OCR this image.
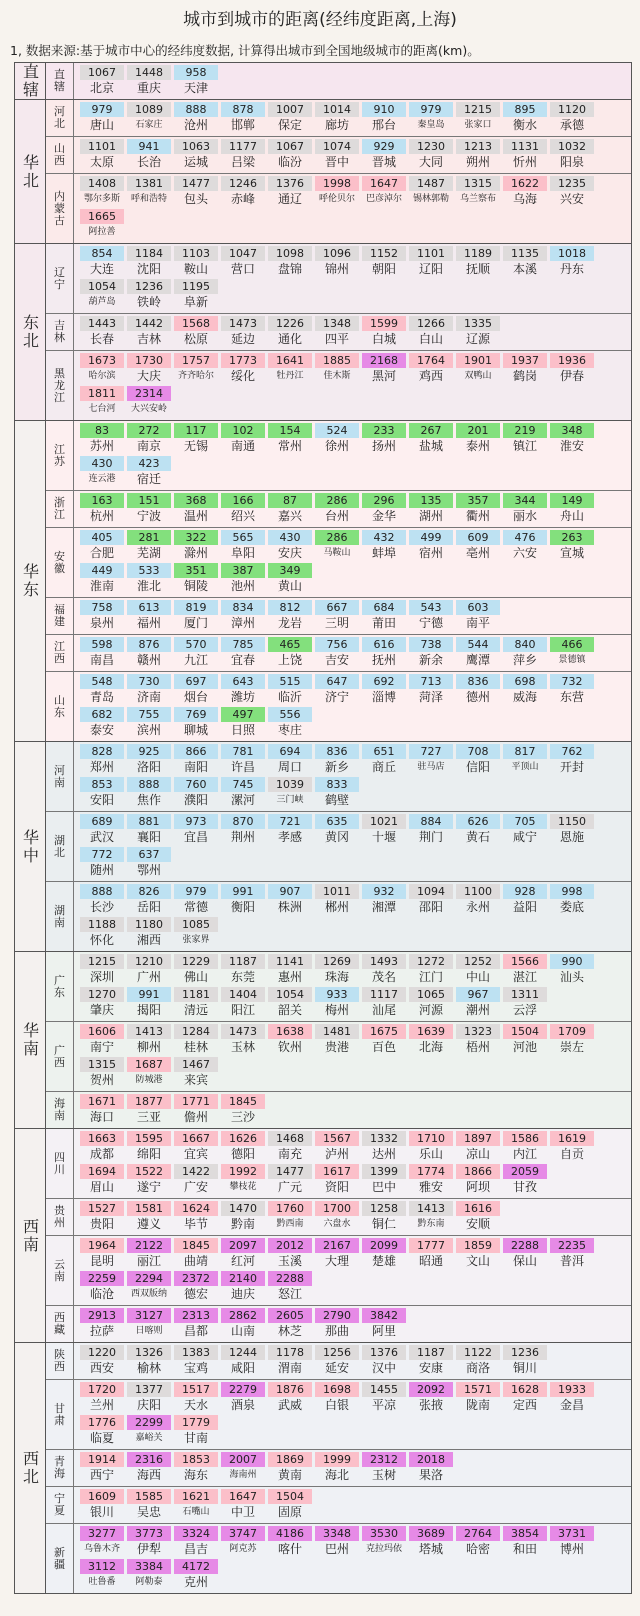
城市到城市的距离(经纬度距离,上海)
1, 数据来源:基于城市中心的经纬度数据, 计算得出城市到全国地级城市的距离(km)。
直辖	直辖
1067
北京
1448
重庆
958
天津
华北
河北
979
唐山
1089
石家庄
888
沧州
878
邯郸
1007
保定
1014
廊坊
910
邢台
979
秦皇岛
1215
张家口
895
衡水
1120
承德
山西
1101
太原
941
长治
1063
运城
1177
吕梁
1067
临汾
1074
晋中
929
晋城
1230
大同
1213
朔州
1131
忻州
1032
阳泉
内蒙古
1408
鄂尔多斯
1381
呼和浩特
1477
包头
1246
赤峰
1376
通辽
1998
呼伦贝尔
1647
巴彦淖尔
1487
锡林郭勒
1315
乌兰察布
1622
乌海
1235
兴安
1665
阿拉善
东北
辽宁
854
大连
1184
沈阳
1103
鞍山
1047
营口
1098
盘锦
1096
锦州
1152
朝阳
1101
辽阳
1189
抚顺
1135
本溪
1018
丹东
1054
葫芦岛
1236
铁岭
1195
阜新
吉林
1443
长春
1442
吉林
1568
松原
1473
延边
1226
通化
1348
四平
1599
白城
1266
白山
1335
辽源
黑龙江
1673
哈尔滨
1730
大庆
1757
齐齐哈尔
1773
绥化
1641
牡丹江
1885
佳木斯
2168
黑河
1764
鸡西
1901
双鸭山
1937
鹤岗
1936
伊春
1811
七台河
2314
大兴安岭
华东
江苏
83
苏州
272
南京
117
无锡
102
南通
154
常州
524
徐州
233
扬州
267
盐城
201
泰州
219
镇江
348
淮安
430
连云港
423
宿迁
浙江
163
杭州
151
宁波
368
温州
166
绍兴
87
嘉兴
286
台州
296
金华
135
湖州
357
衢州
344
丽水
149
舟山
安徽
405
合肥
281
芜湖
322
滁州
565
阜阳
430
安庆
286
马鞍山
432
蚌埠
499
宿州
609
亳州
476
六安
263
宣城
449
淮南
533
淮北
351
铜陵
387
池州
349
黄山
福建
758
泉州
613
福州
819
厦门
834
漳州
812
龙岩
667
三明
684
莆田
543
宁德
603
南平
江西
598
南昌
876
赣州
570
九江
785
宜春
465
上饶
756
吉安
616
抚州
738
新余
544
鹰潭
840
萍乡
466
景德镇
山东
548
青岛
730
济南
697
烟台
643
潍坊
515
临沂
647
济宁
692
淄博
713
菏泽
836
德州
698
威海
732
东营
682
泰安
755
滨州
769
聊城
497
日照
556
枣庄
华中
河南
828
郑州
925
洛阳
866
南阳
781
许昌
694
周口
836
新乡
651
商丘
727
驻马店
708
信阳
817
平顶山
762
开封
853
安阳
888
焦作
760
濮阳
745
漯河
1039
三门峡
833
鹤壁
湖北
689
武汉
881
襄阳
973
宜昌
870
荆州
721
孝感
635
黄冈
1021
十堰
884
荆门
626
黄石
705
咸宁
1150
恩施
772
随州
637
鄂州
湖南
888
长沙
826
岳阳
979
常德
991
衡阳
907
株洲
1011
郴州
932
湘潭
1094
邵阳
1100
永州
928
益阳
998
娄底
1188
怀化
1180
湘西
1085
张家界
华南
广东
1215
深圳
1210
广州
1229
佛山
1187
东莞
1141
惠州
1269
珠海
1493
茂名
1272
江门
1252
中山
1566
湛江
990
汕头
1270
肇庆
991
揭阳
1181
清远
1404
阳江
1054
韶关
933
梅州
1117
汕尾
1065
河源
967
潮州
1311
云浮
广西
1606
南宁
1413
柳州
1284
桂林
1473
玉林
1638
钦州
1481
贵港
1675
百色
1639
北海
1323
梧州
1504
河池
1709
崇左
1315
贺州
1687
防城港
1467
来宾
海南
1671
海口
1877
三亚
1771
儋州
1845
三沙
西南
四川
1663
成都
1595
绵阳
1667
宜宾
1626
德阳
1468
南充
1567
泸州
1332
达州
1710
乐山
1897
凉山
1586
内江
1619
自贡
1694
眉山
1522
遂宁
1422
广安
1992
攀枝花
1477
广元
1617
资阳
1399
巴中
1774
雅安
1866
阿坝
2059
甘孜
贵州
1527
贵阳
1581
遵义
1624
毕节
1470
黔南
1760
黔西南
1700
六盘水
1258
铜仁
1413
黔东南
1616
安顺
云南
1964
昆明
2122
丽江
1845
曲靖
2097
红河
2012
玉溪
2167
大理
2099
楚雄
1777
昭通
1859
文山
2288
保山
2235
普洱
2259
临沧
2294
西双版纳
2372
德宏
2140
迪庆
2288
怒江
西藏
2913
拉萨
3127
日喀则
2313
昌都
2862
山南
2605
林芝
2790
那曲
3842
阿里
西北
陕西
1220
西安
1326
榆林
1383
宝鸡
1244
咸阳
1178
渭南
1256
延安
1376
汉中
1187
安康
1122
商洛
1236
铜川
甘肃
1720
兰州
1377
庆阳
1517
天水
2279
酒泉
1876
武威
1698
白银
1455
平凉
2092
张掖
1571
陇南
1628
定西
1933
金昌
1776
临夏
2299
嘉峪关
1779
甘南
青海
1914
西宁
2316
海西
1853
海东
2007
海南州
1869
黄南
1999
海北
2312
玉树
2018
果洛
宁夏
1609
银川
1585
吴忠
1621
石嘴山
1647
中卫
1504
固原
新疆
3277
乌鲁木齐
3773
伊犁
3324
昌吉
3747
阿克苏
4186
喀什
3348
巴州
3530
克拉玛依
3689
塔城
2764
哈密
3854
和田
3731
博州
3112
吐鲁番
3384
阿勒泰
4172
克州
